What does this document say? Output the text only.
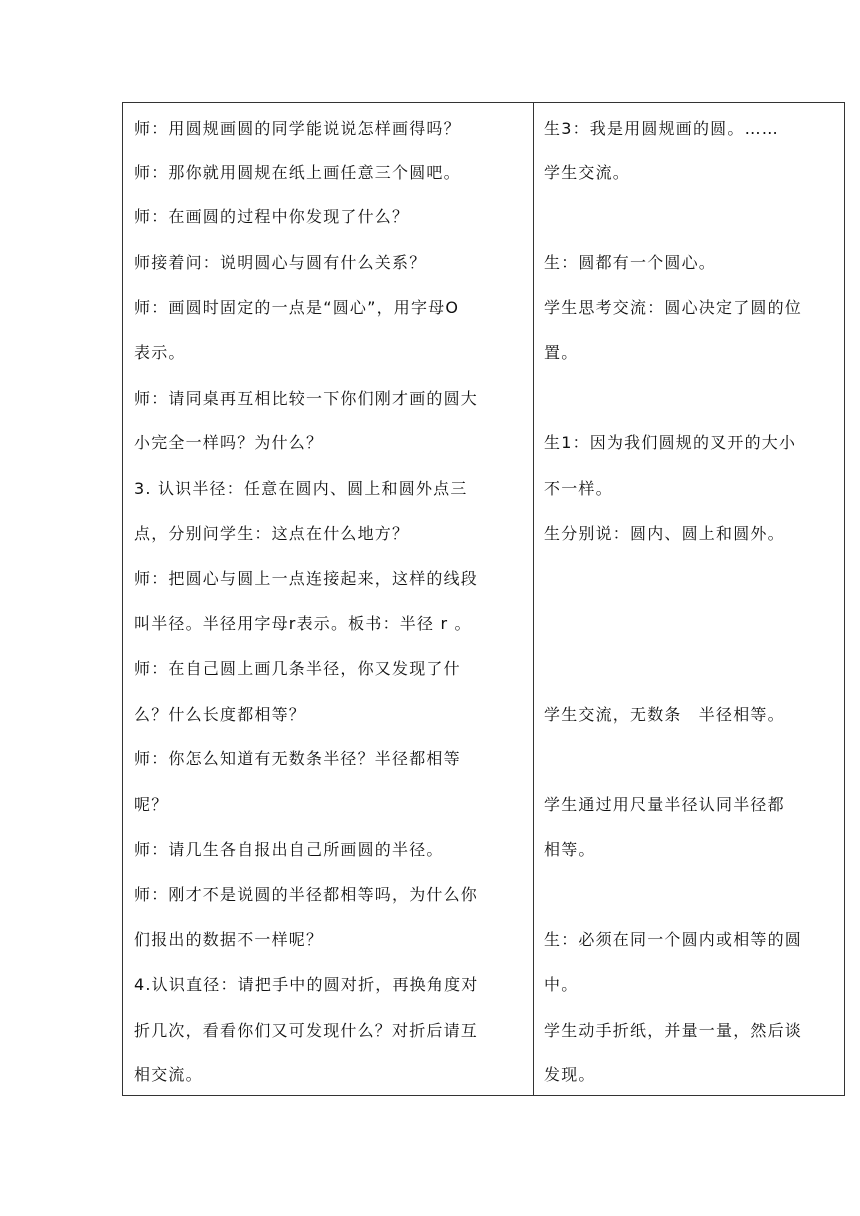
师：用圆规画圆的同学能说说怎样画得吗？
师：那你就用圆规在纸上画任意三个圆吧。
师：在画圆的过程中你发现了什么？
师接着问：说明圆心与圆有什么关系？
师：画圆时固定的一点是“圆心”，用字母O
表示。
师：请同桌再互相比较一下你们刚才画的圆大
小完全一样吗？为什么？
3. 认识半径：任意在圆内、圆上和圆外点三
点，分别问学生：这点在什么地方？
师：把圆心与圆上一点连接起来，这样的线段
叫半径。半径用字母r表示。板书：半径 r 。
师：在自己圆上画几条半径，你又发现了什
么？什么长度都相等？
师：你怎么知道有无数条半径？半径都相等
呢？
师：请几生各自报出自己所画圆的半径。
师：刚才不是说圆的半径都相等吗，为什么你
们报出的数据不一样呢？
4.认识直径：请把手中的圆对折，再换角度对
折几次，看看你们又可发现什么？对折后请互
相交流。
生3：我是用圆规画的圆。……
学生交流。
生：圆都有一个圆心。
学生思考交流：圆心决定了圆的位
置。
生1：因为我们圆规的叉开的大小
不一样。
生分别说：圆内、圆上和圆外。
学生交流，无数条　半径相等。
学生通过用尺量半径认同半径都
相等。
生：必须在同一个圆内或相等的圆
中。
学生动手折纸，并量一量，然后谈
发现。
